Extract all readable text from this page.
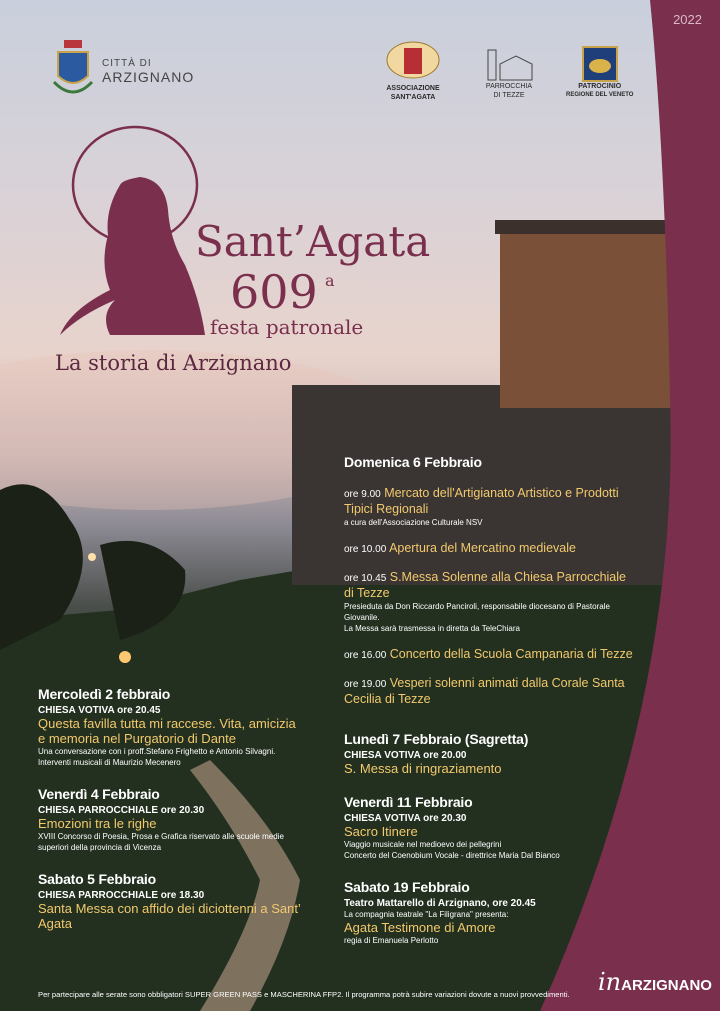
2022
CITTÀ DI
ARZIGNANO
ASSOCIAZIONE
SANT'AGATA
PARROCCHIA
DI TEZZE
PATROCINIO
REGIONE DEL VENETO
Sant’Agata
609 a
festa patronale
La storia di Arzignano
Domenica 6 Febbraio
ore 9.00 Mercato dell'Artigianato Artistico e Prodotti Tipici Regionali
a cura dell'Associazione Culturale NSV
ore 10.00 Apertura del Mercatino medievale
ore 10.45 S.Messa Solenne alla Chiesa Parrocchiale di Tezze
Presieduta da Don Riccardo Panciroli, responsabile diocesano di Pastorale Giovanile.
La Messa sarà trasmessa in diretta da TeleChiara
ore 16.00 Concerto della Scuola Campanaria di Tezze
ore 19.00 Vesperi solenni animati dalla Corale Santa Cecilia di Tezze
Mercoledì 2 febbraio
CHIESA VOTIVA ore 20.45
Questa favilla tutta mi raccese. Vita, amicizia e memoria nel Purgatorio di Dante
Una conversazione con i proff.Stefano Frighetto e Antonio Silvagni.
Interventi musicali di Maurizio Mecenero
Venerdì 4 Febbraio
CHIESA PARROCCHIALE ore 20.30
Emozioni tra le righe
XVIII Concorso di Poesia, Prosa e Grafica riservato alle scuole medie
superiori della provincia di Vicenza
Sabato 5 Febbraio
CHIESA PARROCCHIALE ore 18.30
Santa Messa con affido dei diciottenni a Sant’ Agata
Lunedì 7 Febbraio (Sagretta)
CHIESA VOTIVA ore 20.00
S. Messa di ringraziamento
Venerdì 11 Febbraio
CHIESA VOTIVA ore 20.30
Sacro Itinere
Viaggio musicale nel medioevo dei pellegrini
Concerto del Coenobium Vocale - direttrice Maria Dal Bianco
Sabato 19 Febbraio
Teatro Mattarello di Arzignano, ore 20.45
La compagnia teatrale "La Filigrana" presenta:
Agata Testimone di Amore
regia di Emanuela Perlotto
Per partecipare alle serate sono obbligatori SUPER GREEN PASS e MASCHERINA FFP2. Il programma potrà subire variazioni dovute a nuovi provvedimenti. inARZIGNANO
